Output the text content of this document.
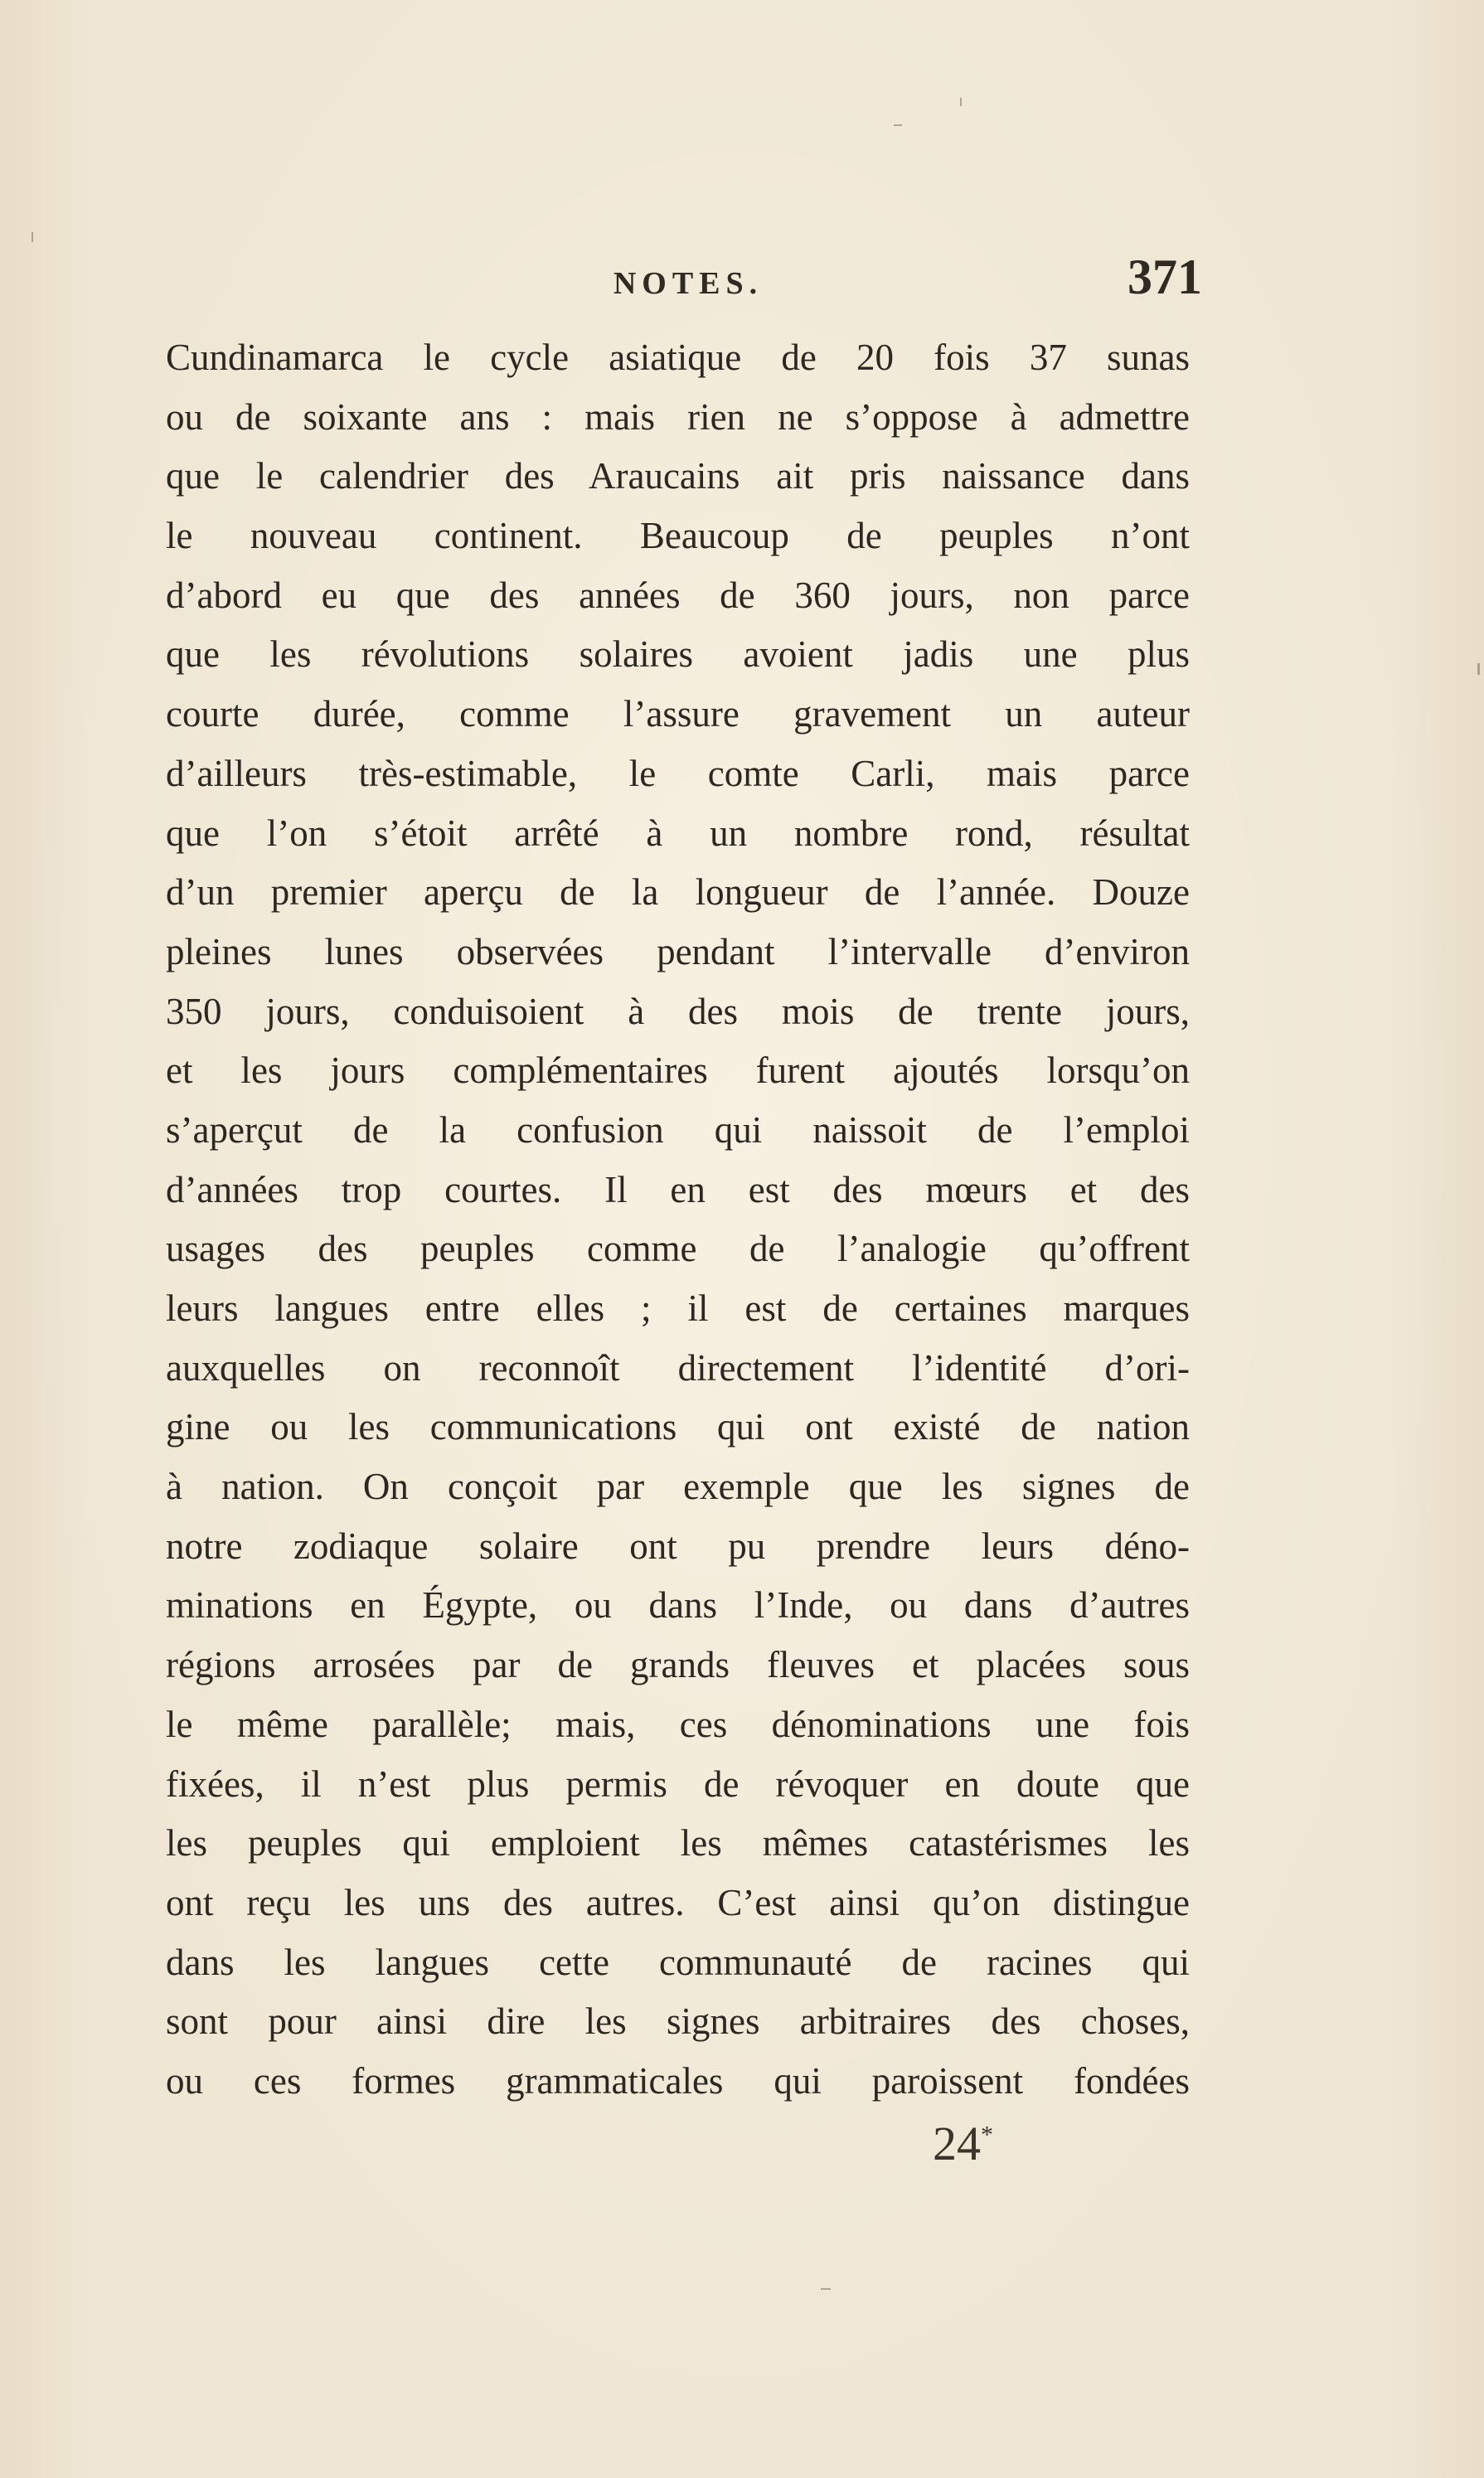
NOTES.	371
Cundinamarca le cycle asiatique de 20 fois 37 sunas
ou de soixante ans : mais rien ne s’oppose à admettre
que le calendrier des Araucains ait pris naissance dans
le nouveau continent. Beaucoup de peuples n’ont
d’abord eu que des années de 360 jours, non parce
que les révolutions solaires avoient jadis une plus
courte durée, comme l’assure gravement un auteur
d’ailleurs très-estimable, le comte Carli, mais parce
que l’on s’étoit arrêté à un nombre rond, résultat
d’un premier aperçu de la longueur de l’année. Douze
pleines lunes observées pendant l’intervalle d’environ
350 jours, conduisoient à des mois de trente jours,
et les jours complémentaires furent ajoutés lorsqu’on
s’aperçut de la confusion qui naissoit de l’emploi
d’années trop courtes. Il en est des mœurs et des
usages des peuples comme de l’analogie qu’offrent
leurs langues entre elles ; il est de certaines marques
auxquelles on reconnoît directement l’identité d’ori-
gine ou les communications qui ont existé de nation
à nation. On conçoit par exemple que les signes de
notre zodiaque solaire ont pu prendre leurs déno-
minations en Égypte, ou dans l’Inde, ou dans d’autres
régions arrosées par de grands fleuves et placées sous
le même parallèle; mais, ces dénominations une fois
fixées, il n’est plus permis de révoquer en doute que
les peuples qui emploient les mêmes catastérismes les
ont reçu les uns des autres. C’est ainsi qu’on distingue
dans les langues cette communauté de racines qui
sont pour ainsi dire les signes arbitraires des choses,
ou ces formes grammaticales qui paroissent fondées
24*
